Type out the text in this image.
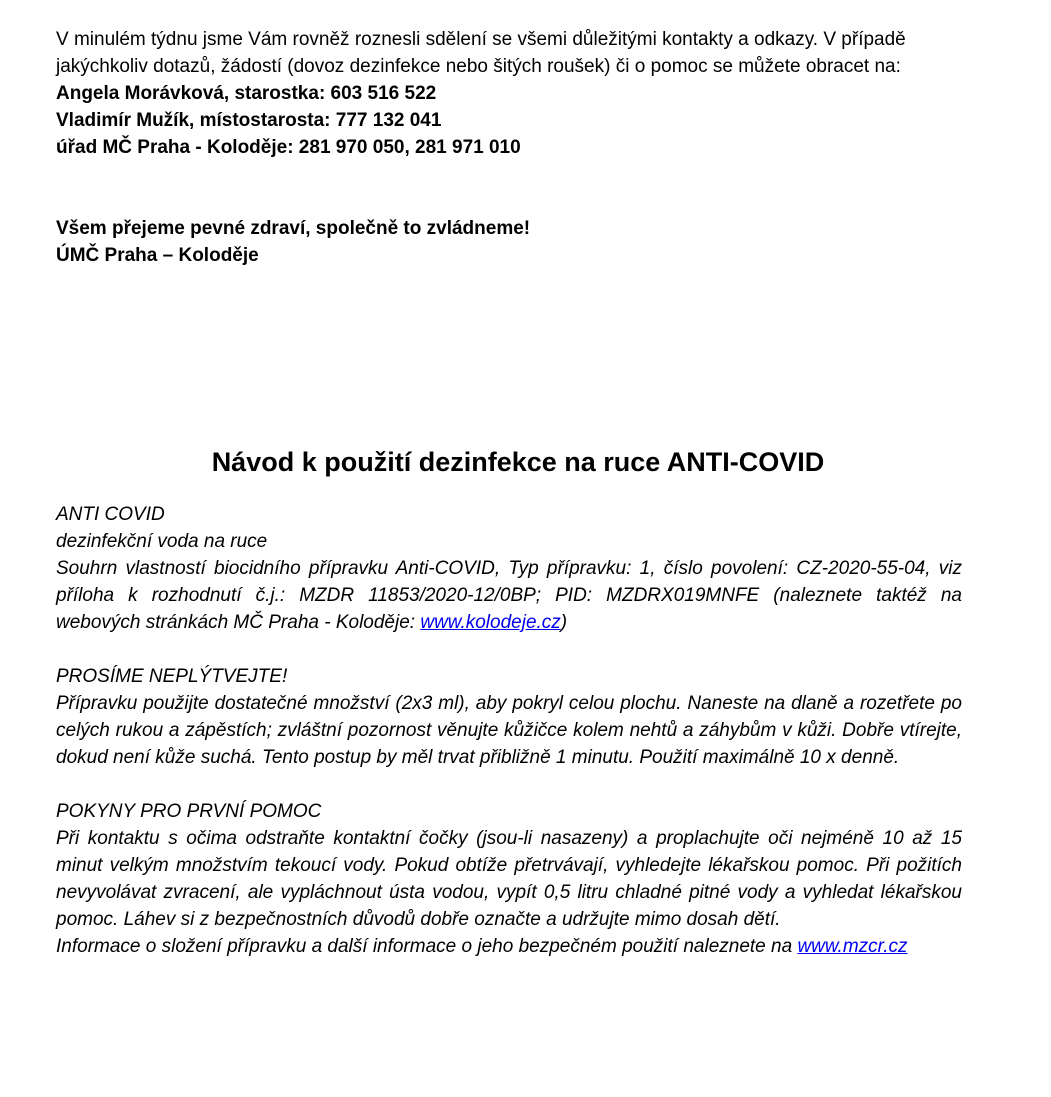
V minulém týdnu jsme Vám rovněž roznesli sdělení se všemi důležitými kontakty a odkazy. V případě jakýchkoliv dotazů, žádostí (dovoz dezinfekce nebo šitých roušek) či o pomoc se můžete obracet na:

Angela Morávková, starostka: 603 516 522

Vladimír Mužík, místostarosta: 777 132 041

úřad MČ Praha - Koloděje: 281 970 050, 281 971 010

Všem přejeme pevné zdraví, společně to zvládneme!

ÚMČ Praha – Koloděje

Návod k použití dezinfekce na ruce ANTI-COVID

ANTI COVID

dezinfekční voda na ruce

Souhrn vlastností biocidního přípravku Anti-COVID, Typ přípravku: 1, číslo povolení: CZ-2020-55-04, viz příloha k rozhodnutí č.j.: MZDR 11853/2020-12/0BP; PID: MZDRX019MNFE (naleznete taktéž na webových stránkách MČ Praha - Koloděje: www.kolodeje.cz)

PROSÍME NEPLÝTVEJTE!

Přípravku použijte dostatečné množství (2x3 ml), aby pokryl celou plochu. Naneste na dlaně a rozetřete po celých rukou a zápěstích; zvláštní pozornost věnujte kůžičce kolem nehtů a záhybům v kůži. Dobře vtírejte, dokud není kůže suchá. Tento postup by měl trvat přibližně 1 minutu. Použití maximálně 10 x denně.

POKYNY PRO PRVNÍ POMOC

Při kontaktu s očima odstraňte kontaktní čočky (jsou-li nasazeny) a proplachujte oči nejméně 10 až 15 minut velkým množstvím tekoucí vody. Pokud obtíže přetrvávají, vyhledejte lékařskou pomoc. Při požitích nevyvolávat zvracení, ale vypláchnout ústa vodou, vypít 0,5 litru chladné pitné vody a vyhledat lékařskou pomoc. Láhev si z bezpečnostních důvodů dobře označte a udržujte mimo dosah dětí.

Informace o složení přípravku a další informace o jeho bezpečném použití naleznete na www.mzcr.cz
